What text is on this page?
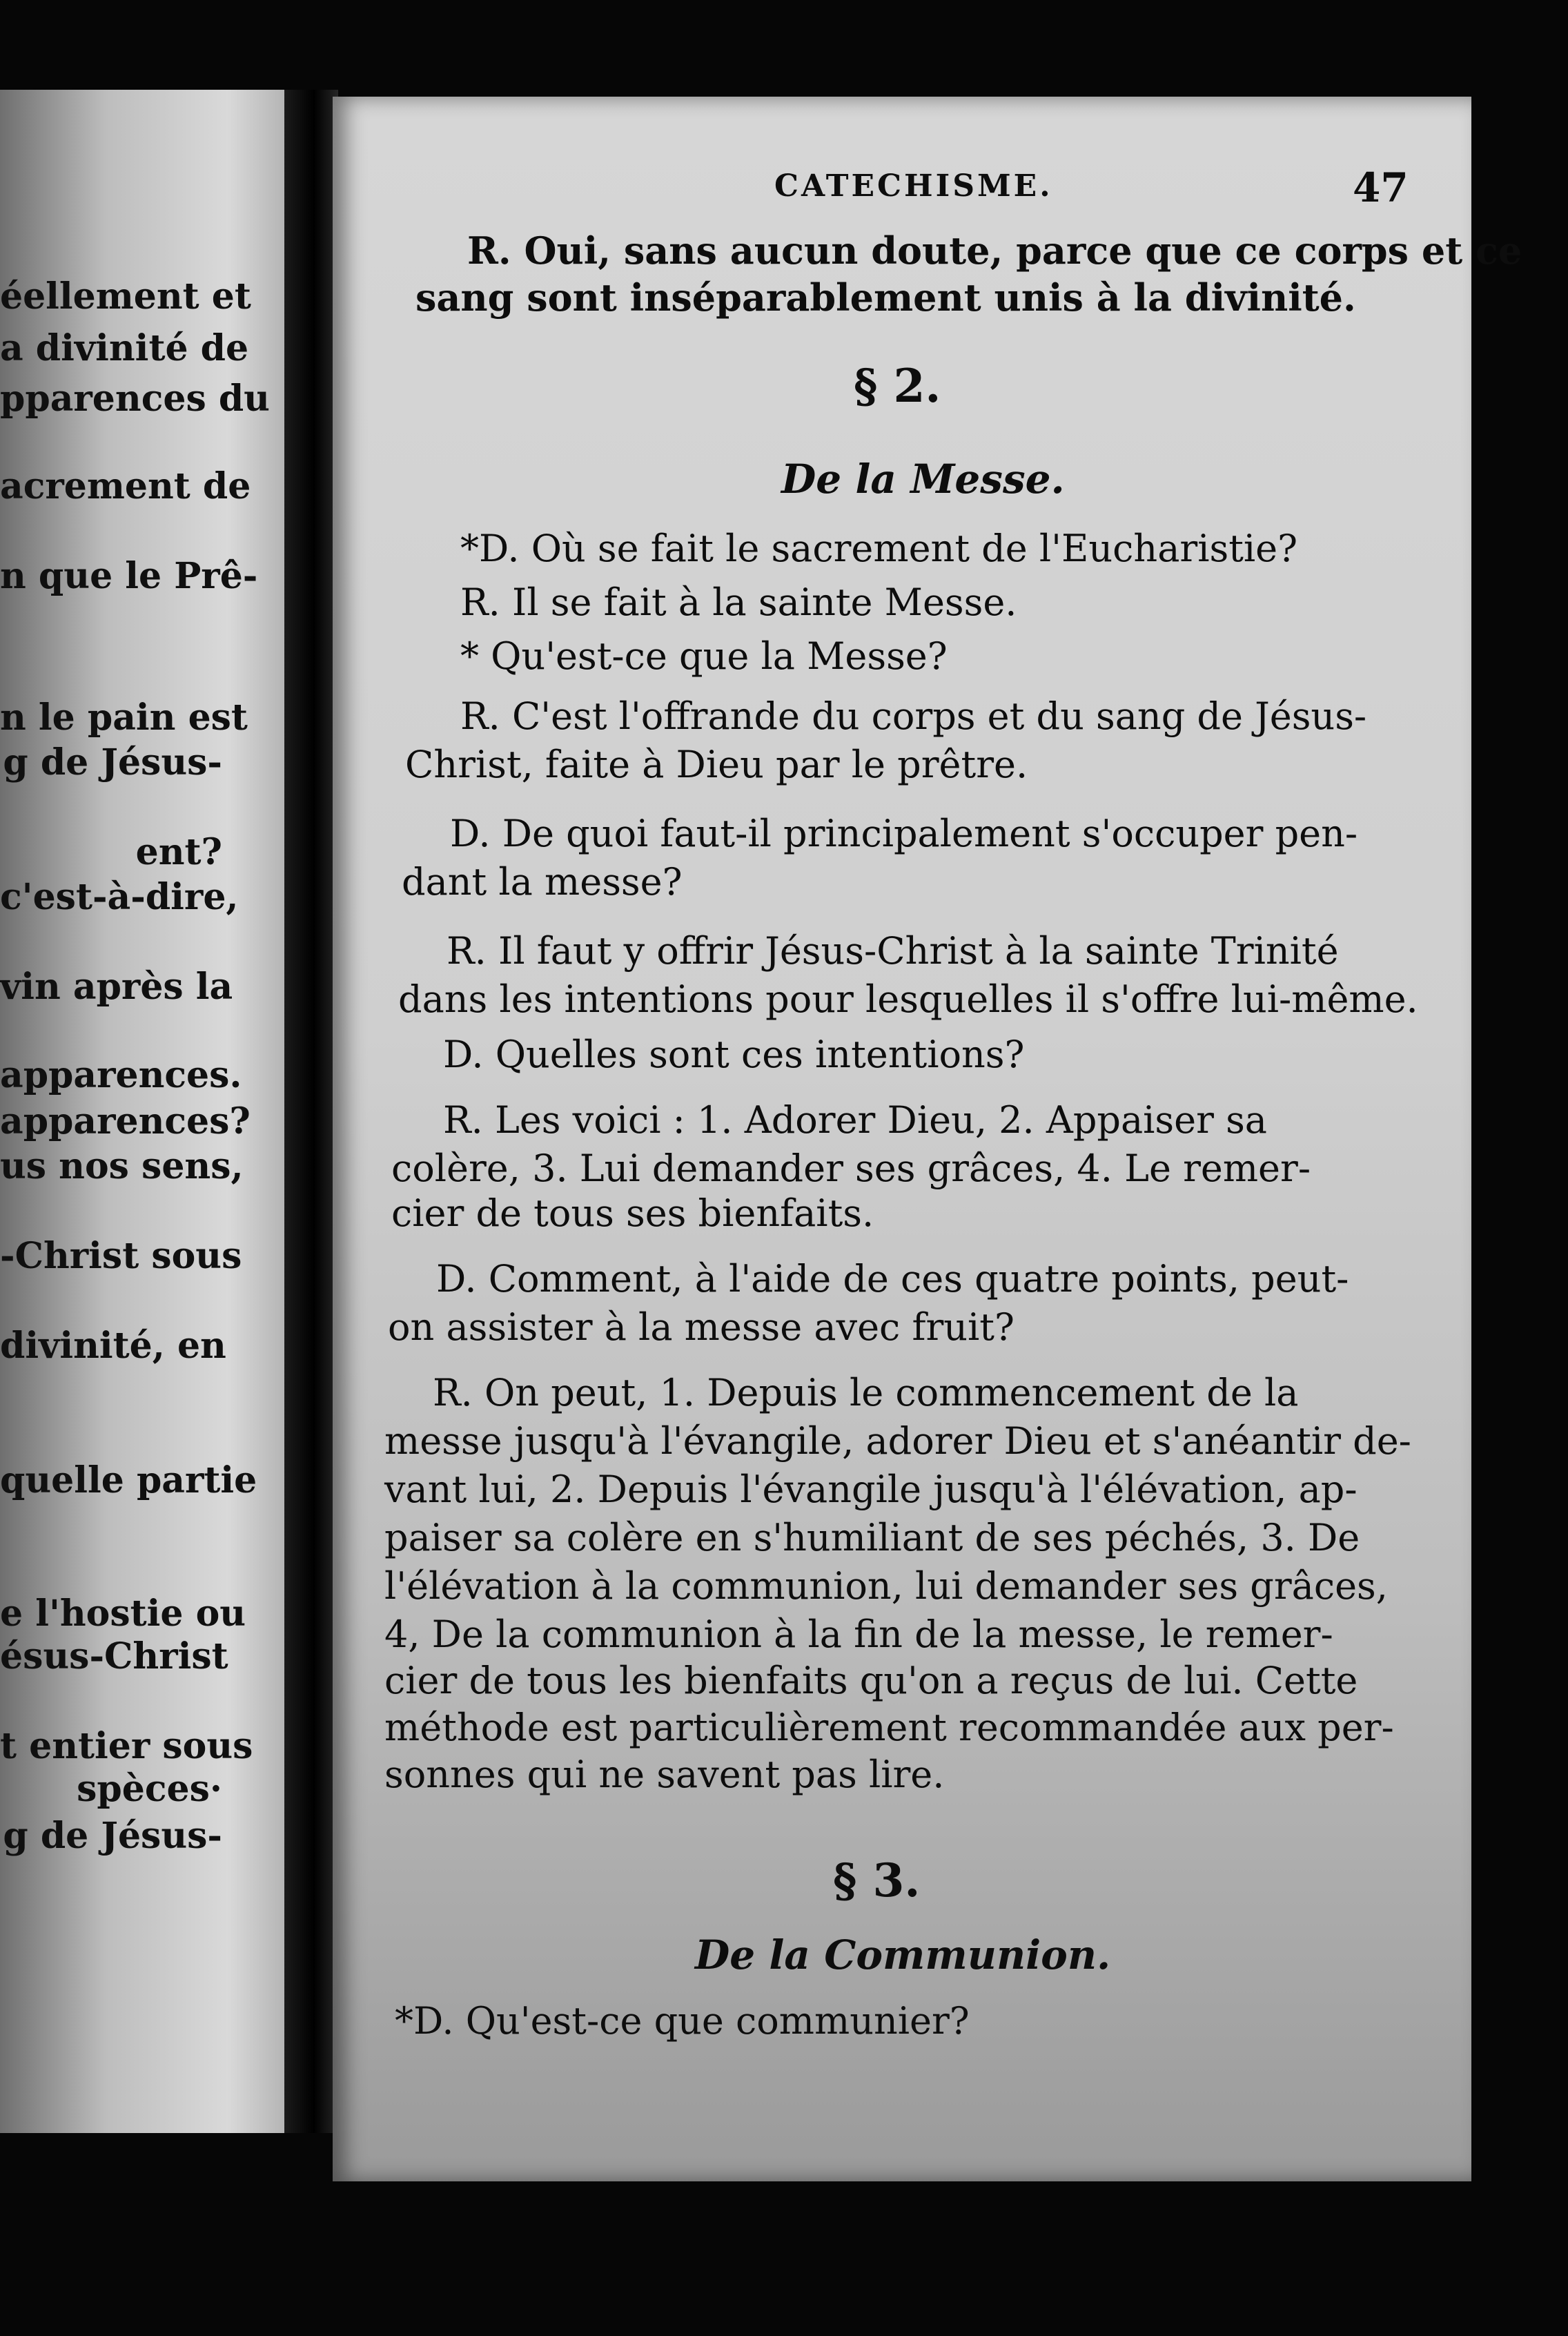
éellement et
a divinité de
pparences du
acrement de
n que le Prê-
n le pain est
g de Jésus-
ent?
c'est-à-dire,
vin après la
apparences.
apparences?
us nos sens,
-Christ sous
divinité, en
quelle partie
e l'hostie ou
ésus-Christ
t entier sous
spèces·
g de Jésus-
CATECHISME.	47
R. Oui, sans aucun doute, parce que ce corps et ce
sang sont inséparablement unis à la divinité.
§ 2.
De la Messe.
*D. Où se fait le sacrement de l'Eucharistie?
R. Il se fait à la sainte Messe.
* Qu'est-ce que la Messe?
R. C'est l'offrande du corps et du sang de Jésus-
Christ, faite à Dieu par le prêtre.
D. De quoi faut-il principalement s'occuper pen-
dant la messe?
R. Il faut y offrir Jésus-Christ à la sainte Trinité
dans les intentions pour lesquelles il s'offre lui-même.
D. Quelles sont ces intentions?
R. Les voici : 1. Adorer Dieu, 2. Appaiser sa
colère, 3. Lui demander ses grâces, 4. Le remer-
cier de tous ses bienfaits.
D. Comment, à l'aide de ces quatre points, peut-
on assister à la messe avec fruit?
R. On peut, 1. Depuis le commencement de la
messe jusqu'à l'évangile, adorer Dieu et s'anéantir de-
vant lui, 2. Depuis l'évangile jusqu'à l'élévation, ap-
paiser sa colère en s'humiliant de ses péchés, 3. De
l'élévation à la communion, lui demander ses grâces,
4, De la communion à la fin de la messe, le remer-
cier de tous les bienfaits qu'on a reçus de lui. Cette
méthode est particulièrement recommandée aux per-
sonnes qui ne savent pas lire.
§ 3.
De la Communion.
*D. Qu'est-ce que communier?
